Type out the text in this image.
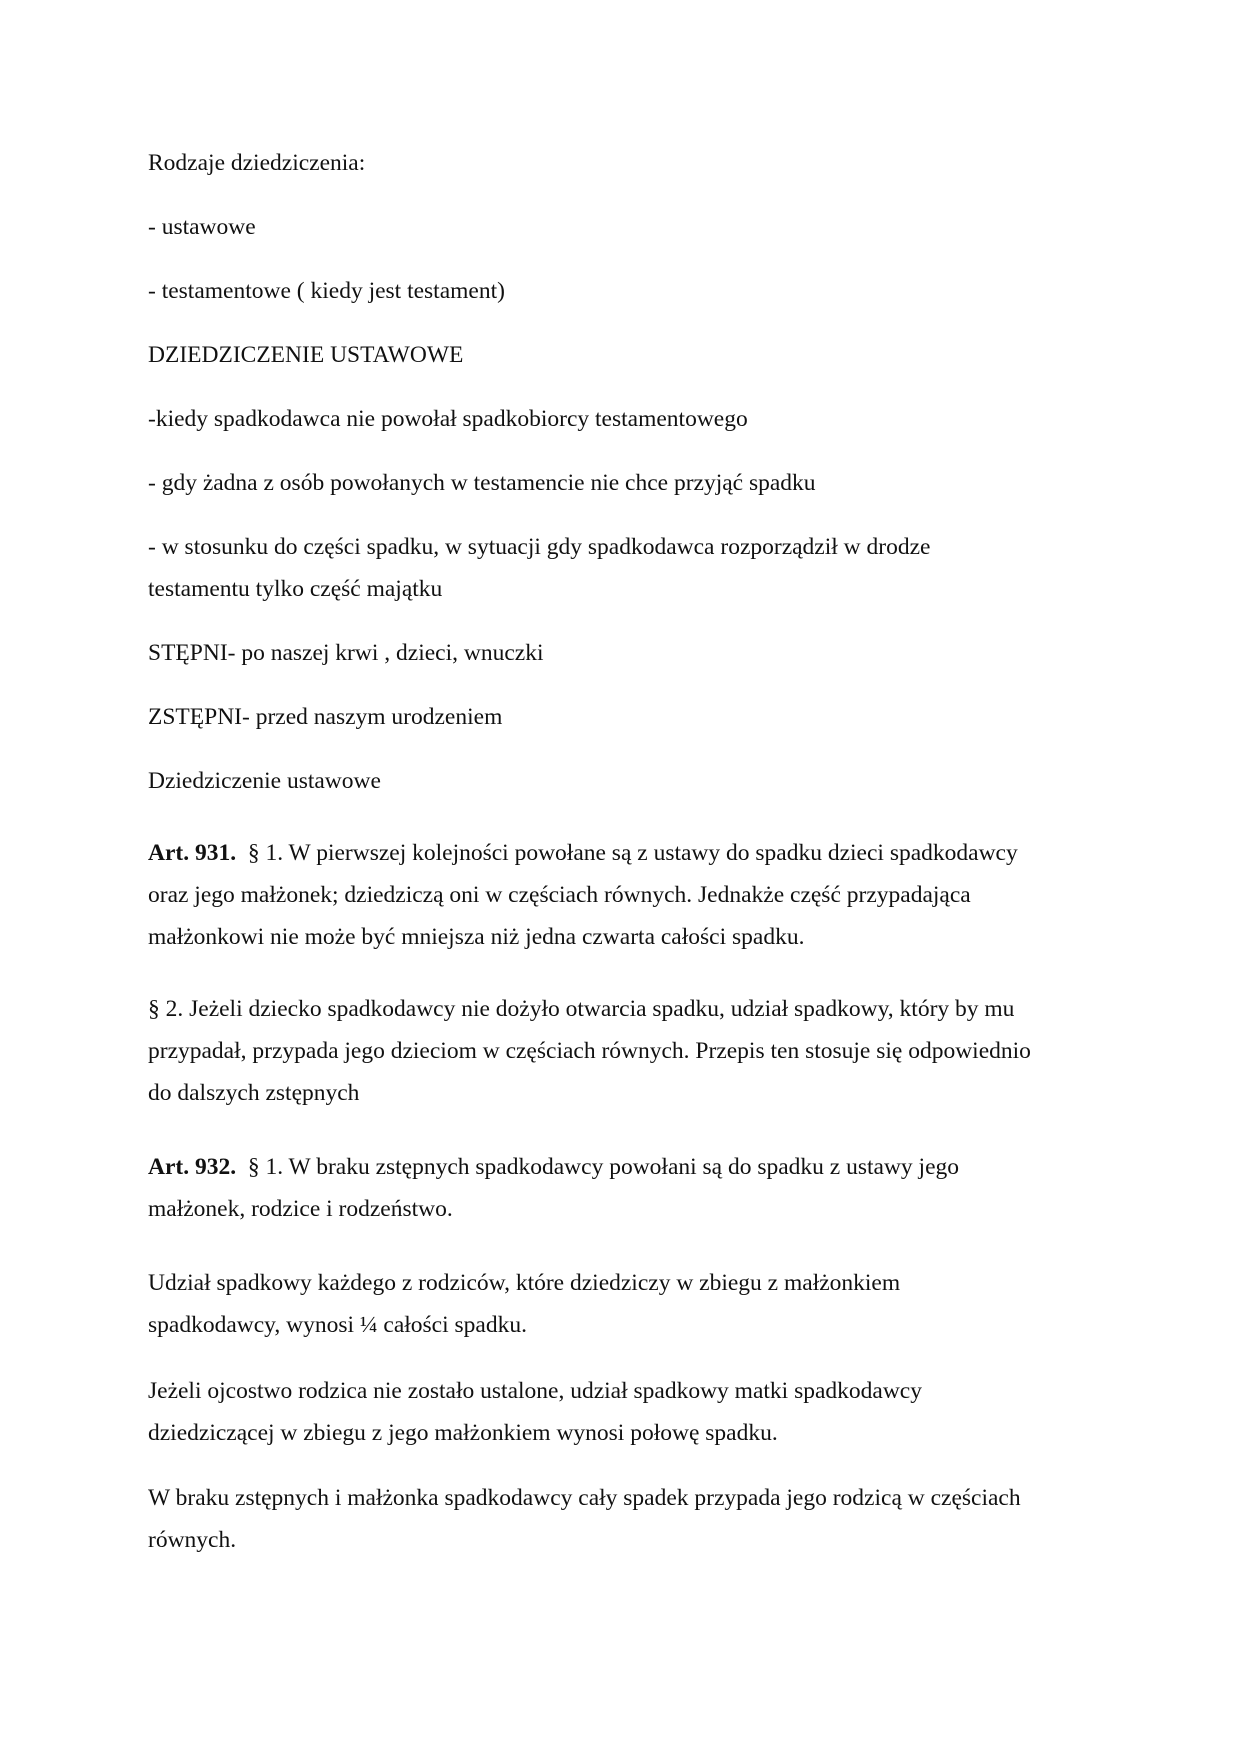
Rodzaje dziedziczenia:

- ustawowe

- testamentowe ( kiedy jest testament)

DZIEDZICZENIE USTAWOWE

-kiedy spadkodawca nie powołał spadkobiorcy testamentowego

- gdy żadna z osób powołanych w testamencie nie chce przyjąć spadku

- w stosunku do części spadku, w sytuacji gdy spadkodawca rozporządził w drodze
testamentu tylko część majątku

STĘPNI- po naszej krwi , dzieci, wnuczki

ZSTĘPNI- przed naszym urodzeniem

Dziedziczenie ustawowe

Art. 931. § 1. W pierwszej kolejności powołane są z ustawy do spadku dzieci spadkodawcy
oraz jego małżonek; dziedziczą oni w częściach równych. Jednakże część przypadająca
małżonkowi nie może być mniejsza niż jedna czwarta całości spadku.
§ 2. Jeżeli dziecko spadkodawcy nie dożyło otwarcia spadku, udział spadkowy, który by mu
przypadał, przypada jego dzieciom w częściach równych. Przepis ten stosuje się odpowiednio
do dalszych zstępnych
Art. 932. § 1. W braku zstępnych spadkodawcy powołani są do spadku z ustawy jego
małżonek, rodzice i rodzeństwo.
Udział spadkowy każdego z rodziców, które dziedziczy w zbiegu z małżonkiem
spadkodawcy, wynosi ¼ całości spadku.
Jeżeli ojcostwo rodzica nie zostało ustalone, udział spadkowy matki spadkodawcy
dziedziczącej w zbiegu z jego małżonkiem wynosi połowę spadku.
W braku zstępnych i małżonka spadkodawcy cały spadek przypada jego rodzicą w częściach
równych.
